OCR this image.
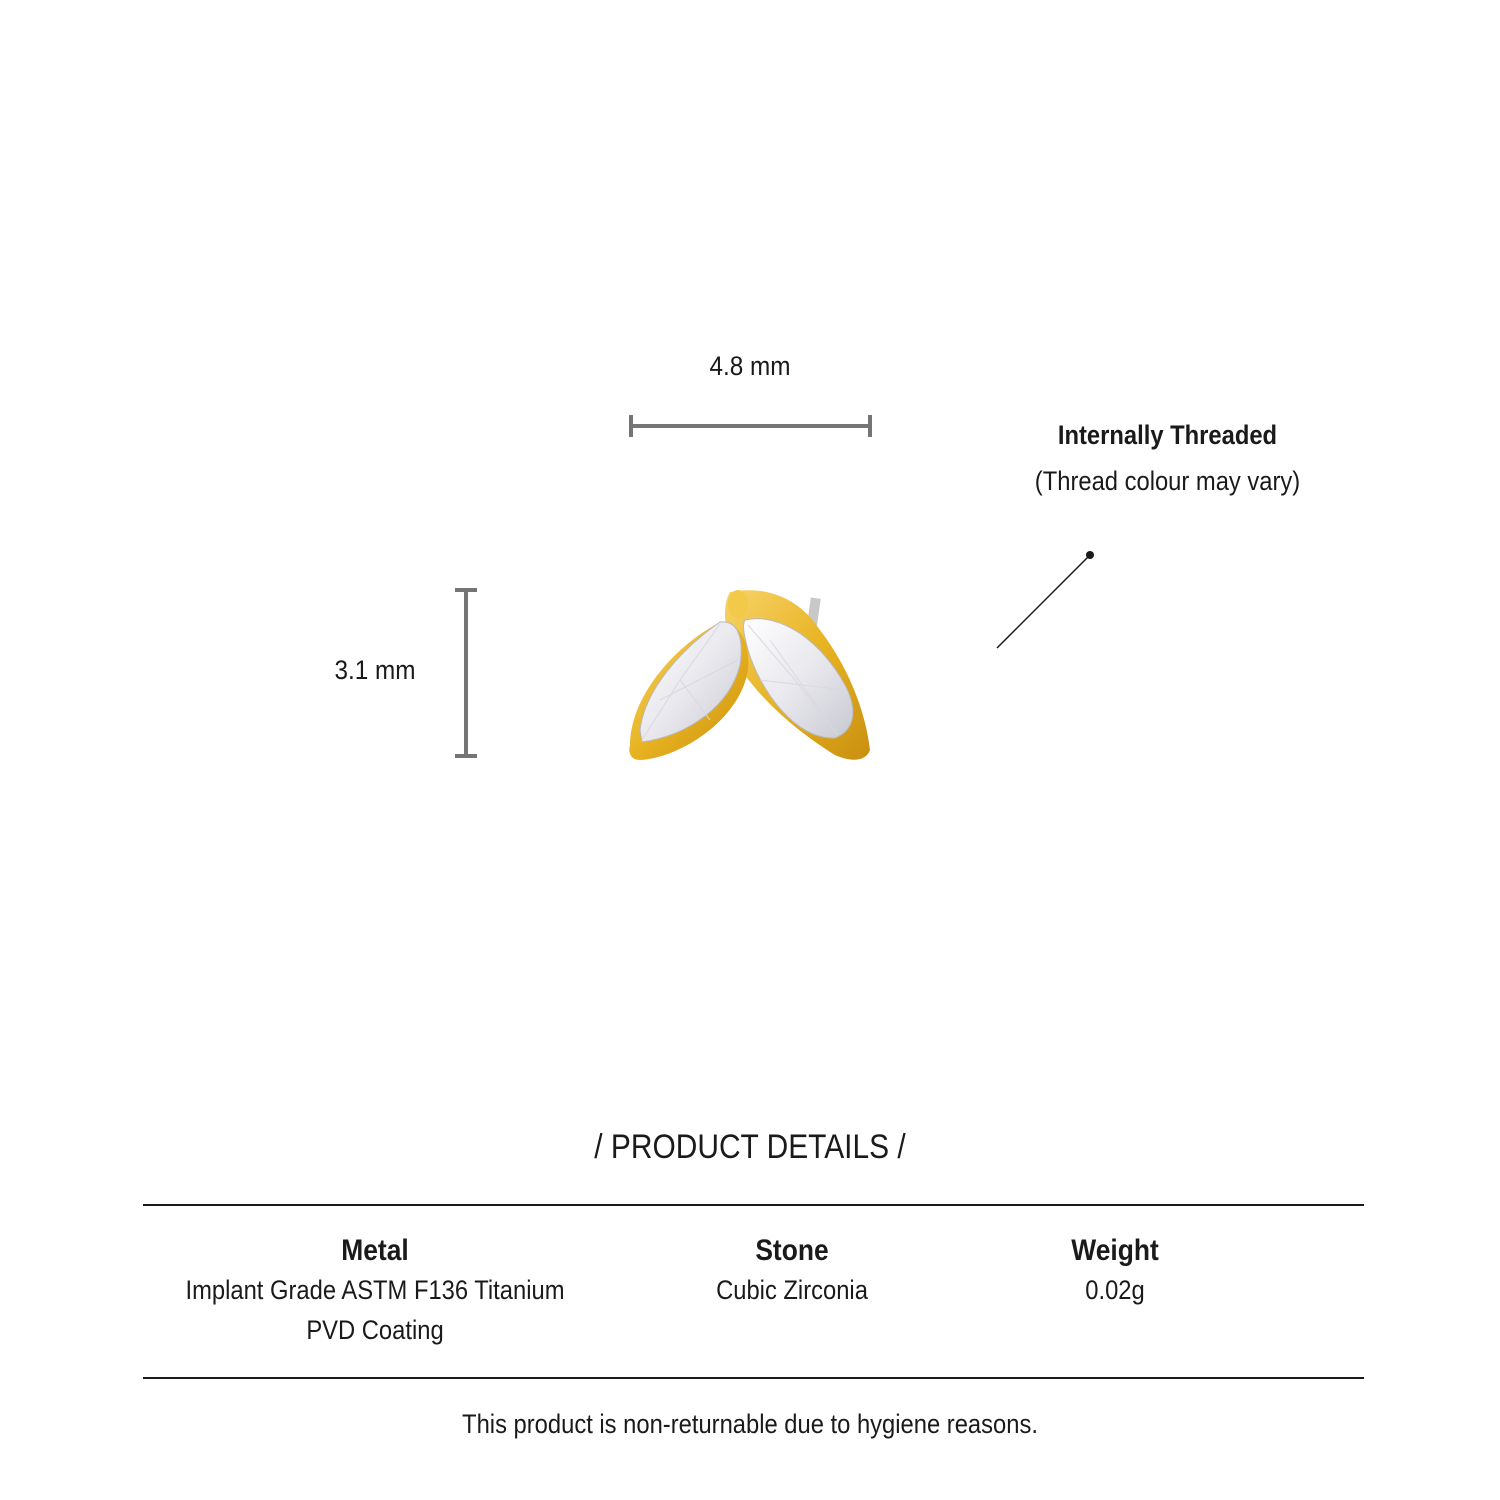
4.8 mm
3.1 mm
Internally Threaded
(Thread colour may vary)
/ PRODUCT DETAILS /
Metal
Implant Grade ASTM F136 Titanium
PVD Coating
Stone
Cubic Zirconia
Weight
0.02g
This product is non-returnable due to hygiene reasons.
